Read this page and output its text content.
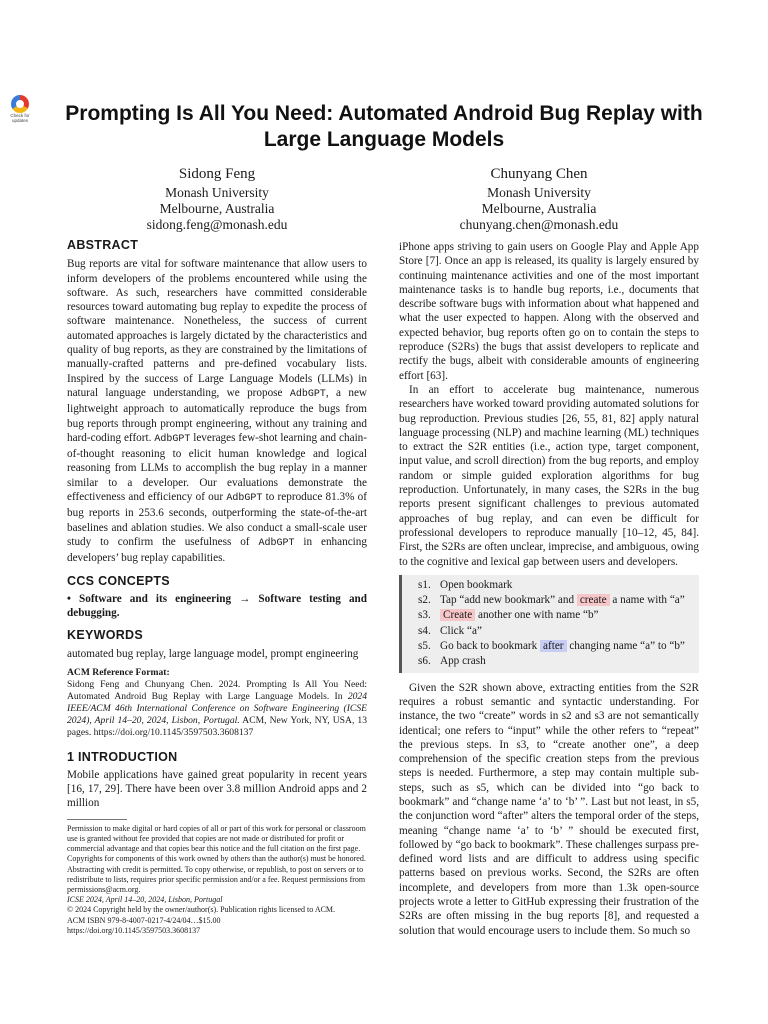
Check for
updates	Prompting Is All You Need: Automated Android Bug Replay with
Large Language Models
Sidong Feng
Monash University
Melbourne, Australia
sidong.feng@monash.edu
Chunyang Chen
Monash University
Melbourne, Australia
chunyang.chen@monash.edu
ABSTRACT

Bug reports are vital for software maintenance that allow users to inform developers of the problems encountered while using the software. As such, researchers have committed considerable resources toward automating bug replay to expedite the process of software maintenance. Nonetheless, the success of current automated approaches is largely dictated by the characteristics and quality of bug reports, as they are constrained by the limitations of manually-crafted patterns and pre-defined vocabulary lists. Inspired by the success of Large Language Models (LLMs) in natural language understanding, we propose AdbGPT, a new lightweight approach to automatically reproduce the bugs from bug reports through prompt engineering, without any training and hard-coding effort. AdbGPT leverages few-shot learning and chain-of-thought reasoning to elicit human knowledge and logical reasoning from LLMs to accomplish the bug replay in a manner similar to a developer. Our evaluations demonstrate the effectiveness and efficiency of our AdbGPT to reproduce 81.3% of bug reports in 253.6 seconds, outperforming the state-of-the-art baselines and ablation studies. We also conduct a small-scale user study to confirm the usefulness of AdbGPT in enhancing developers’ bug replay capabilities.

CCS CONCEPTS

• Software and its engineering → Software testing and debugging.

KEYWORDS

automated bug replay, large language model, prompt engineering

ACM Reference Format:

Sidong Feng and Chunyang Chen. 2024. Prompting Is All You Need: Automated Android Bug Replay with Large Language Models. In 2024 IEEE/ACM 46th International Conference on Software Engineering (ICSE 2024), April 14–20, 2024, Lisbon, Portugal. ACM, New York, NY, USA, 13 pages. https://doi.org/10.1145/3597503.3608137

1 INTRODUCTION

Mobile applications have gained great popularity in recent years [16, 17, 29]. There have been over 3.8 million Android apps and 2 million

Permission to make digital or hard copies of all or part of this work for personal or classroom use is granted without fee provided that copies are not made or distributed for profit or commercial advantage and that copies bear this notice and the full citation on the first page. Copyrights for components of this work owned by others than the author(s) must be honored. Abstracting with credit is permitted. To copy otherwise, or republish, to post on servers or to redistribute to lists, requires prior specific permission and/or a fee. Request permissions from permissions@acm.org.

ICSE 2024, April 14–20, 2024, Lisbon, Portugal

© 2024 Copyright held by the owner/author(s). Publication rights licensed to ACM.

ACM ISBN 979-8-4007-0217-4/24/04…$15.00

https://doi.org/10.1145/3597503.3608137

iPhone apps striving to gain users on Google Play and Apple App Store [7]. Once an app is released, its quality is largely ensured by continuing maintenance activities and one of the most important maintenance tasks is to handle bug reports, i.e., documents that describe software bugs with information about what happened and what the user expected to happen. Along with the observed and expected behavior, bug reports often go on to contain the steps to reproduce (S2Rs) the bugs that assist developers to replicate and rectify the bugs, albeit with considerable amounts of engineering effort [63].

In an effort to accelerate bug maintenance, numerous researchers have worked toward providing automated solutions for bug reproduction. Previous studies [26, 55, 81, 82] apply natural language processing (NLP) and machine learning (ML) techniques to extract the S2R entities (i.e., action type, target component, input value, and scroll direction) from the bug reports, and employ random or simple guided exploration algorithms for bug reproduction. Unfortunately, in many cases, the S2Rs in the bug reports present significant challenges to previous automated approaches of bug replay, and can even be difficult for professional developers to reproduce manually [10–12, 45, 84]. First, the S2Rs are often unclear, imprecise, and ambiguous, owing to the cognitive and lexical gap between users and developers.

s1. Open bookmark
s2. Tap “add new bookmark” and create a name with “a”
s3.	Create another one with name “b”
s4. Click “a”
s5. Go back to bookmark after changing name “a” to “b”
s6. App crash

Given the S2R shown above, extracting entities from the S2R requires a robust semantic and syntactic understanding. For instance, the two “create” words in s2 and s3 are not semantically identical; one refers to “input” while the other refers to “repeat” the previous steps. In s3, to “create another one”, a deep comprehension of the specific creation steps from the previous steps is needed. Furthermore, a step may contain multiple sub-steps, such as s5, which can be divided into “go back to bookmark” and “change name ‘a’ to ‘b’ ”. Last but not least, in s5, the conjunction word “after” alters the temporal order of the steps, meaning “change name ‘a’ to ‘b’ ” should be executed first, followed by “go back to bookmark”. These challenges surpass pre-defined word lists and are difficult to address using specific patterns based on previous works. Second, the S2Rs are often incomplete, and developers from more than 1.3k open-source projects wrote a letter to GitHub expressing their frustration of the S2Rs are often missing in the bug reports [8], and requested a solution that would encourage users to include them. So much so
